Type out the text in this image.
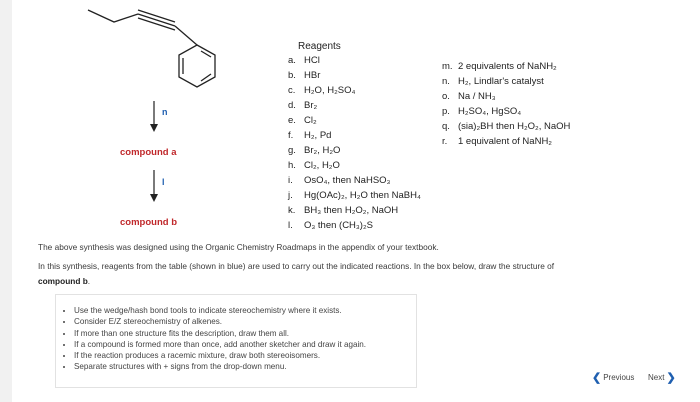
n
l
compound a
compound b
Reagents
a. HCl
b. HBr
c. H₂O, H₂SO₄
d. Br₂
e. Cl₂
f. H₂, Pd
g. Br₂, H₂O
h. Cl₂, H₂O
i. OsO₄, then NaHSO₃
j. Hg(OAc)₂, H₂O then NaBH₄
k. BH₃ then H₂O₂, NaOH
l. O₃ then (CH₃)₂S
m. 2 equivalents of NaNH₂
n. H₂, Lindlar's catalyst
o. Na / NH₃
p. H₂SO₄, HgSO₄
q. (sia)₂BH then H₂O₂, NaOH
r. 1 equivalent of NaNH₂
The above synthesis was designed using the Organic Chemistry Roadmaps in the appendix of your textbook.
In this synthesis, reagents from the table (shown in blue) are used to carry out the indicated reactions. In the box below, draw the structure of
compound b.
• Use the wedge/hash bond tools to indicate stereochemistry where it exists.
• Consider E/Z stereochemistry of alkenes.
• If more than one structure fits the description, draw them all.
• If a compound is formed more than once, add another sketcher and draw it again.
• If the reaction produces a racemic mixture, draw both stereoisomers.
• Separate structures with + signs from the drop-down menu.
❮ Previous Next ❯
